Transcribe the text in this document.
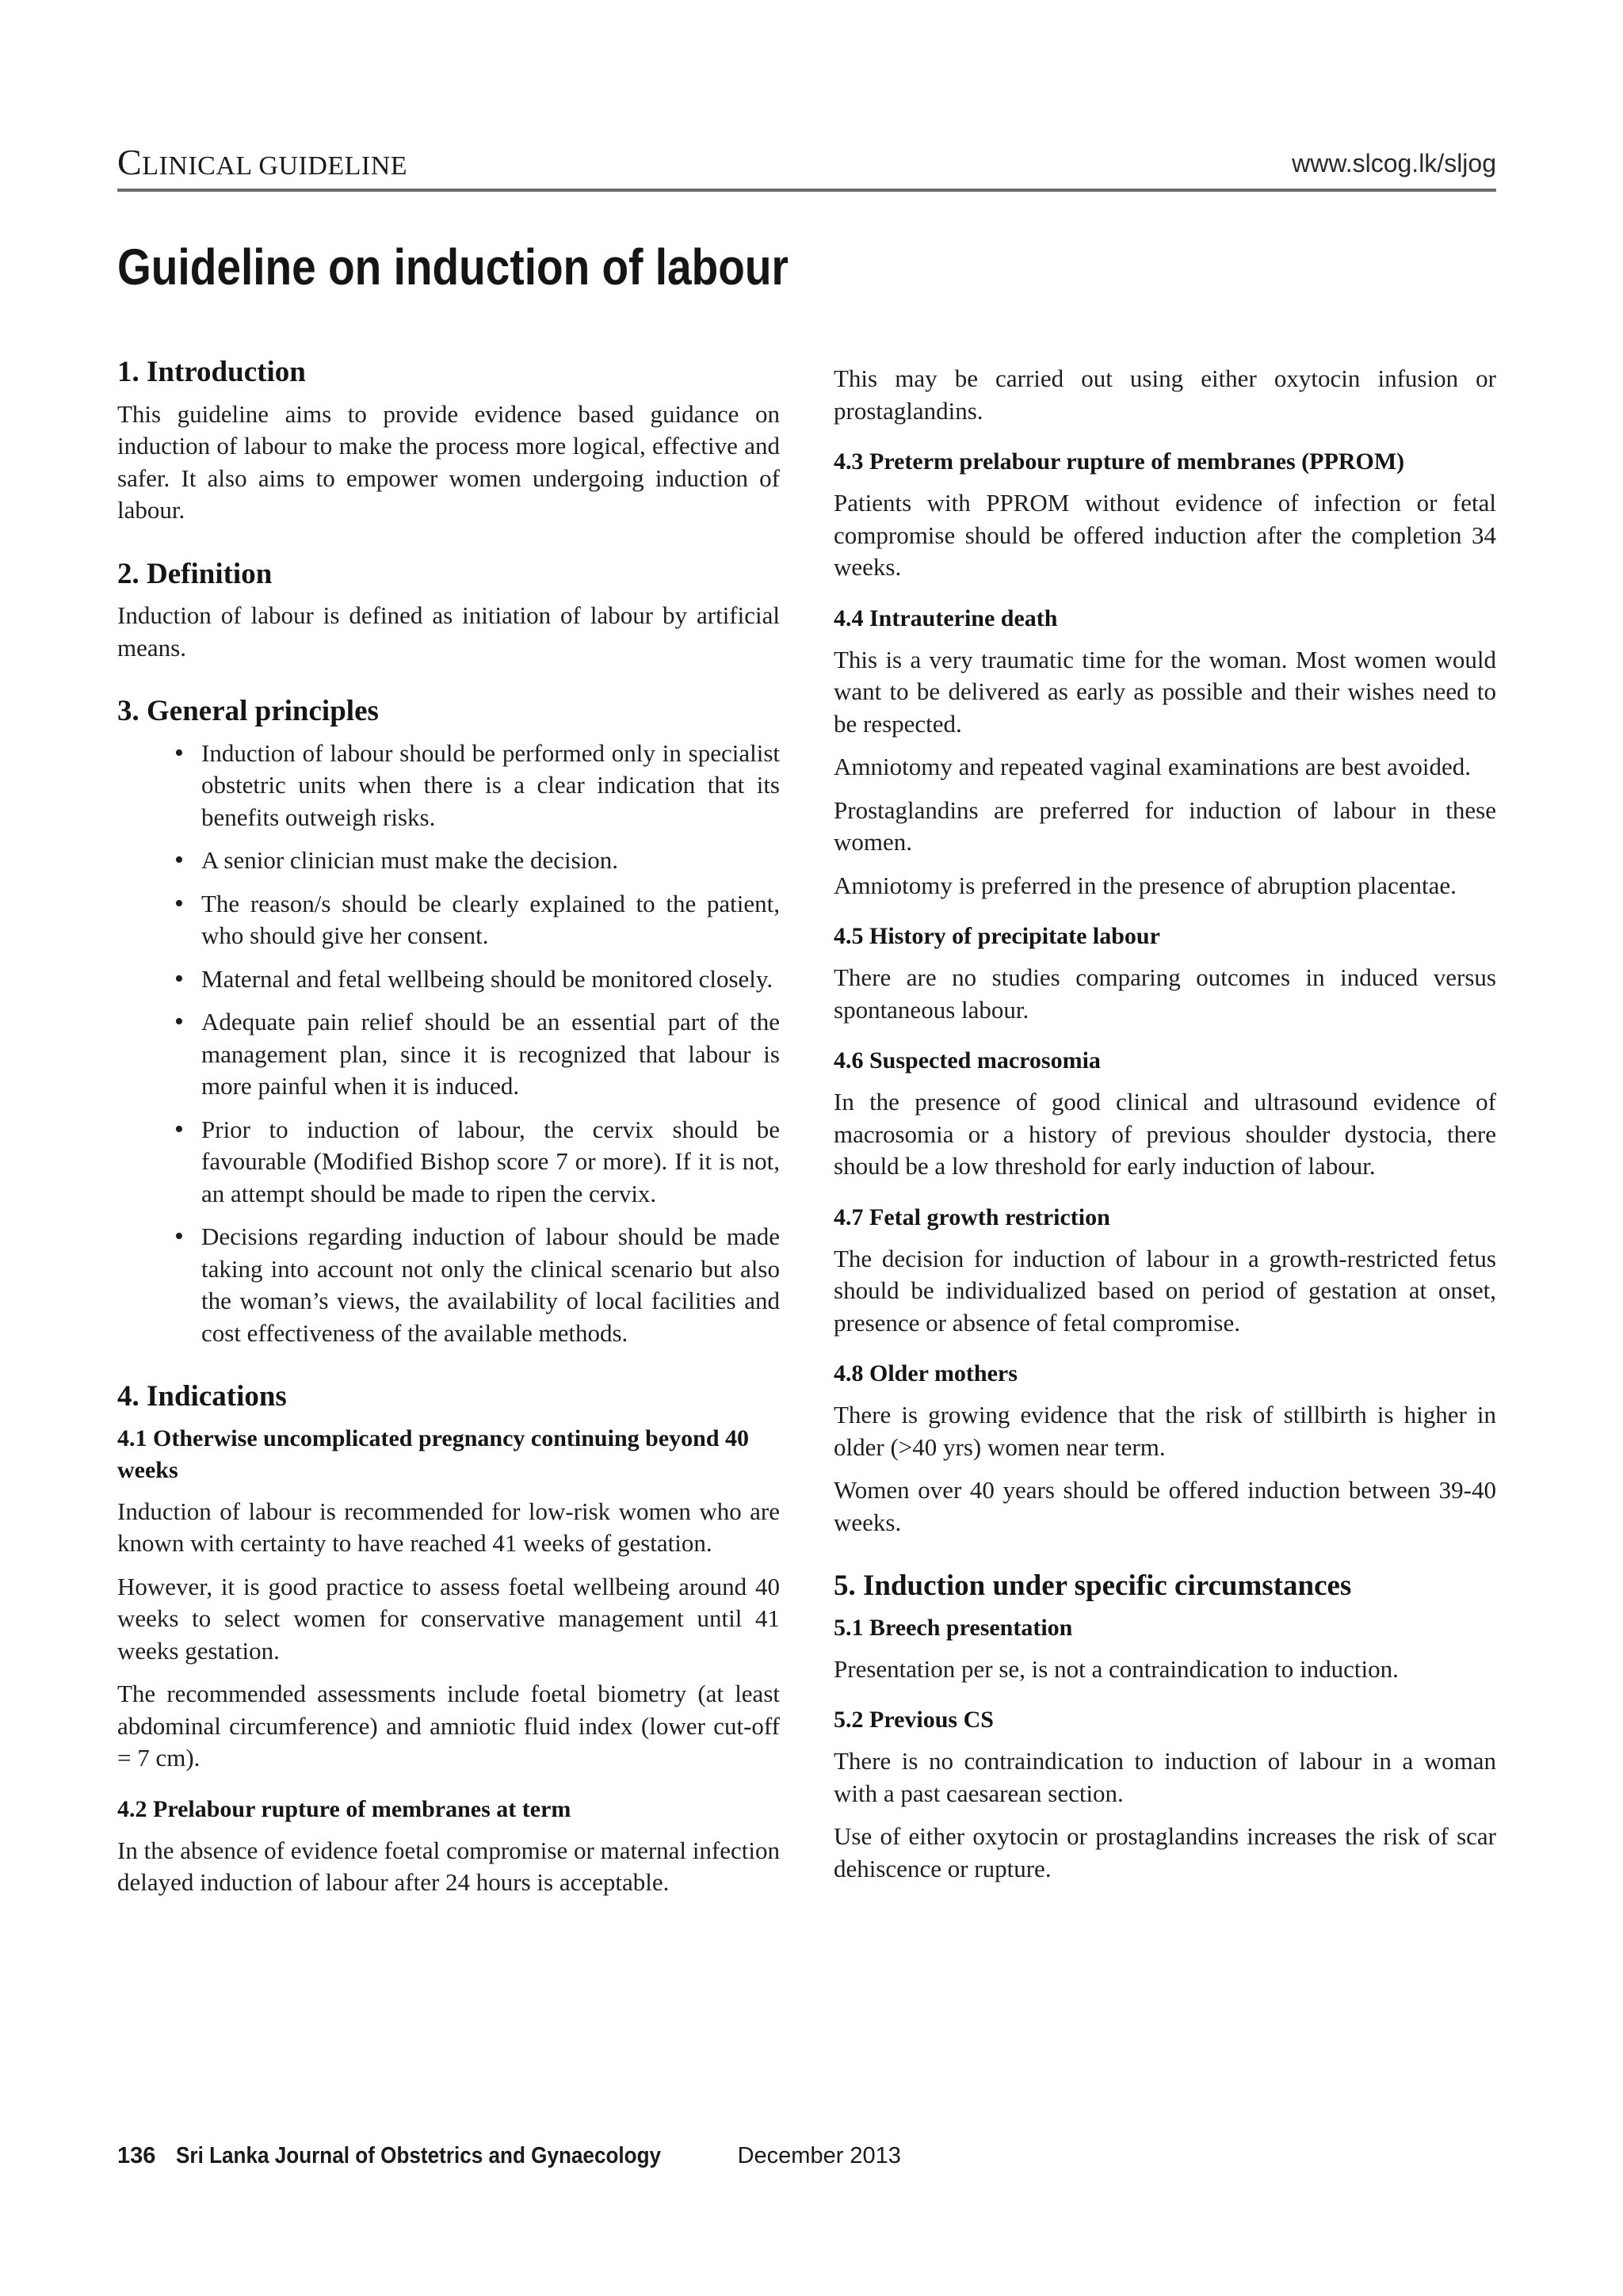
CLINICAL GUIDELINE	www.slcog.lk/sljog
Guideline on induction of labour
1. Introduction

This guideline aims to provide evidence based guidance on induction of labour to make the process more logical, effective and safer. It also aims to empower women undergoing induction of labour.

2. Definition

Induction of labour is defined as initiation of labour by artificial means.

3. General principles
• Induction of labour should be performed only in specialist obstetric units when there is a clear indication that its benefits outweigh risks.
• A senior clinician must make the decision.
• The reason/s should be clearly explained to the patient, who should give her consent.
• Maternal and fetal wellbeing should be monitored closely.
• Adequate pain relief should be an essential part of the management plan, since it is recognized that labour is more painful when it is induced.
• Prior to induction of labour, the cervix should be favourable (Modified Bishop score 7 or more). If it is not, an attempt should be made to ripen the cervix.
• Decisions regarding induction of labour should be made taking into account not only the clinical scenario but also the woman’s views, the availability of local facilities and cost effectiveness of the available methods.
4. Indications
4.1 Otherwise uncomplicated pregnancy continuing beyond 40 weeks

Induction of labour is recommended for low-risk women who are known with certainty to have reached 41 weeks of gestation.

However, it is good practice to assess foetal wellbeing around 40 weeks to select women for conservative management until 41 weeks gestation.

The recommended assessments include foetal biometry (at least abdominal circumference) and amniotic fluid index (lower cut-off = 7 cm).

4.2 Prelabour rupture of membranes at term

In the absence of evidence foetal compromise or maternal infection delayed induction of labour after 24 hours is acceptable.

This may be carried out using either oxytocin infusion or prostaglandins.

4.3 Preterm prelabour rupture of membranes (PPROM)

Patients with PPROM without evidence of infection or fetal compromise should be offered induction after the completion 34 weeks.

4.4 Intrauterine death

This is a very traumatic time for the woman. Most women would want to be delivered as early as possible and their wishes need to be respected.

Amniotomy and repeated vaginal examinations are best avoided.

Prostaglandins are preferred for induction of labour in these women.

Amniotomy is preferred in the presence of abruption placentae.

4.5 History of precipitate labour

There are no studies comparing outcomes in induced versus spontaneous labour.

4.6 Suspected macrosomia

In the presence of good clinical and ultrasound evidence of macrosomia or a history of previous shoulder dystocia, there should be a low threshold for early induction of labour.

4.7 Fetal growth restriction

The decision for induction of labour in a growth-restricted fetus should be individualized based on period of gestation at onset, presence or absence of fetal compromise.

4.8 Older mothers

There is growing evidence that the risk of stillbirth is higher in older (>40 yrs) women near term.

Women over 40 years should be offered induction between 39-40 weeks.

5. Induction under specific circumstances
5.1 Breech presentation

Presentation per se, is not a contraindication to induction.

5.2 Previous CS

There is no contraindication to induction of labour in a woman with a past caesarean section.

Use of either oxytocin or prostaglandins increases the risk of scar dehiscence or rupture.

136 Sri Lanka Journal of Obstetrics and Gynaecology	December 2013
